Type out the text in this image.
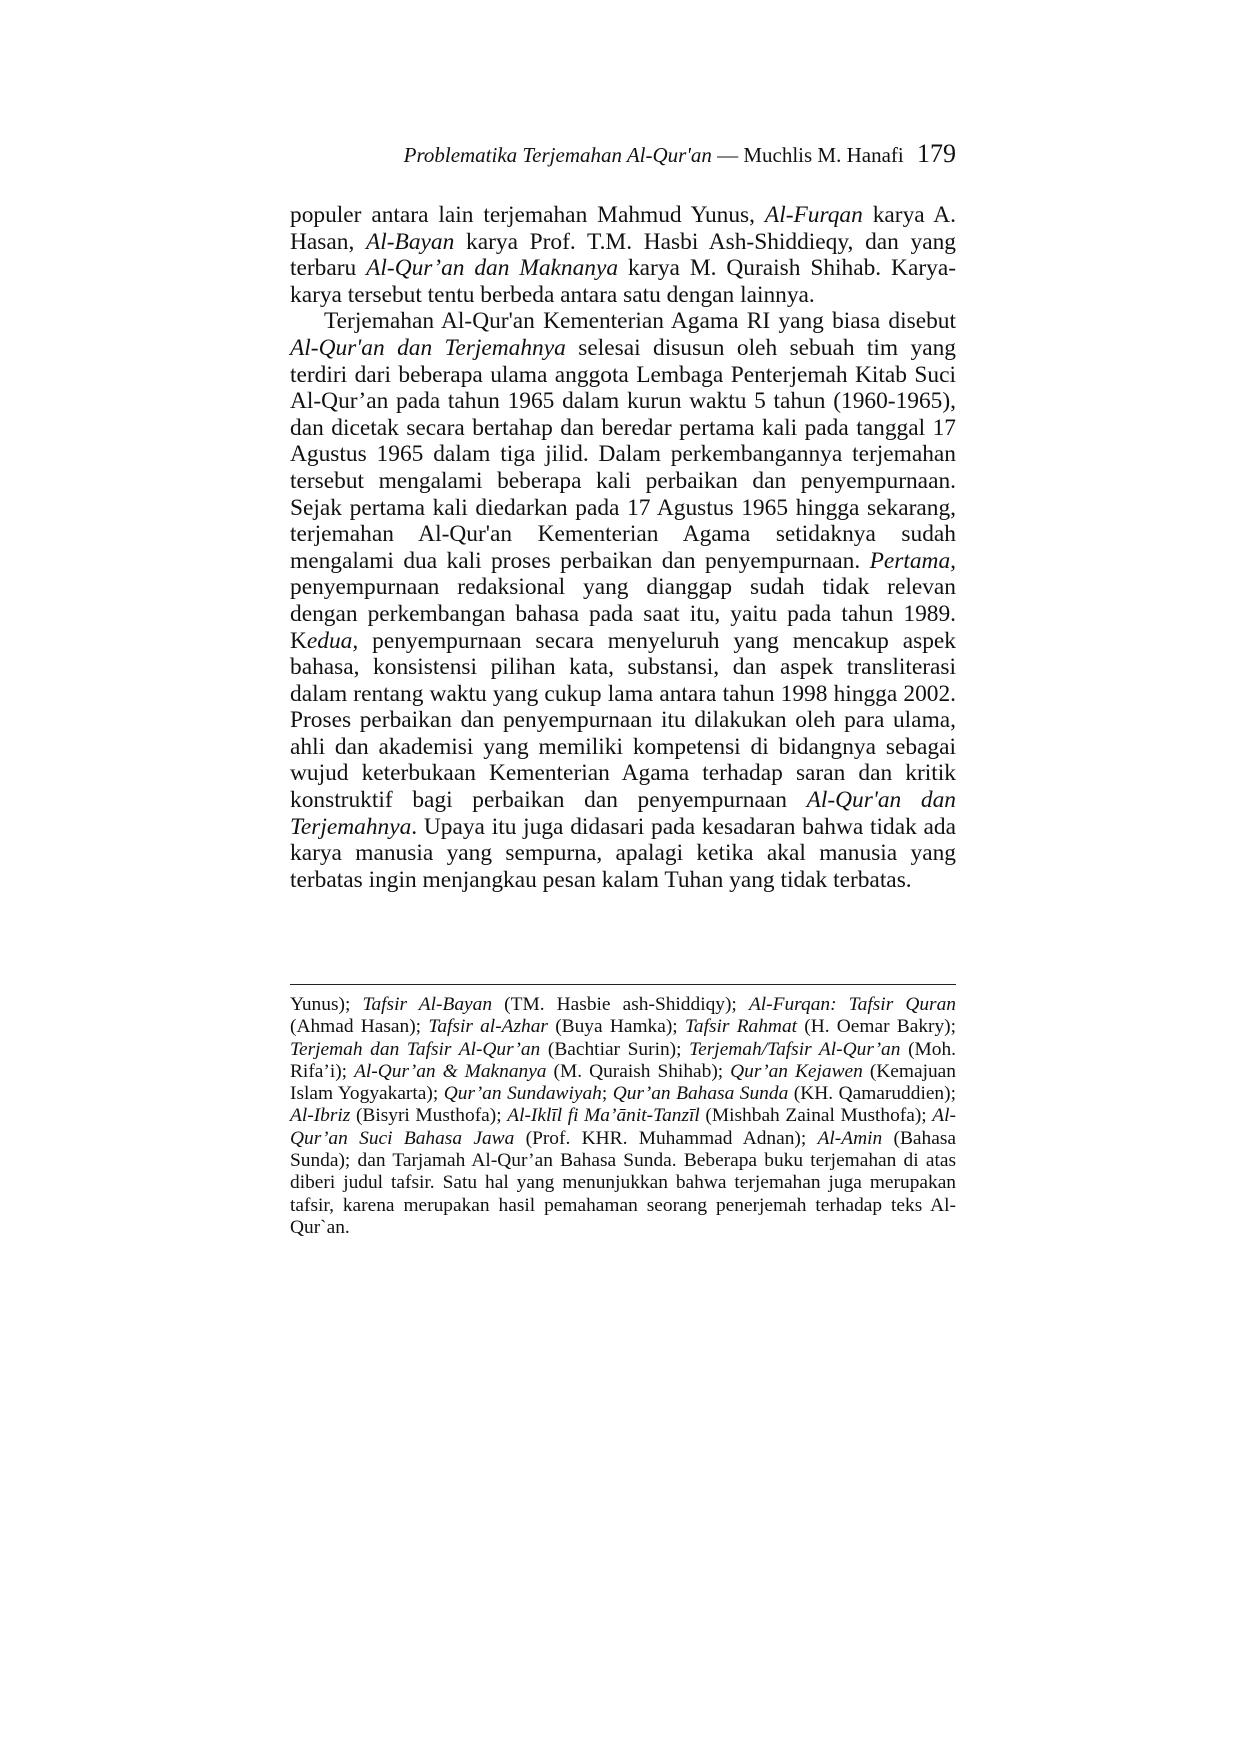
Problematika Terjemahan Al-Qur'an — Muchlis M. Hanafi 179

populer antara lain terjemahan Mahmud Yunus, Al-Furqan karya A. Hasan, Al-Bayan karya Prof. T.M. Hasbi Ash-Shiddieqy, dan yang terbaru Al-Qur’an dan Maknanya karya M. Quraish Shihab. Karya-karya tersebut tentu berbeda antara satu dengan lainnya.

Terjemahan Al-Qur'an Kementerian Agama RI yang biasa disebut Al-Qur'an dan Terjemahnya selesai disusun oleh sebuah tim yang terdiri dari beberapa ulama anggota Lembaga Penterjemah Kitab Suci Al-Qur’an pada tahun 1965 dalam kurun waktu 5 tahun (1960-1965), dan dicetak secara bertahap dan beredar pertama kali pada tanggal 17 Agustus 1965 dalam tiga jilid. Dalam perkembangannya terjemahan tersebut mengalami beberapa kali perbaikan dan penyempurnaan. Sejak pertama kali diedarkan pada 17 Agustus 1965 hingga sekarang, terjemahan Al-Qur'an Kementerian Agama setidaknya sudah mengalami dua kali proses perbaikan dan penyempurnaan. Pertama, penyempurnaan redaksional yang dianggap sudah tidak relevan dengan perkembangan bahasa pada saat itu, yaitu pada tahun 1989. Kedua, penyempurnaan secara menyeluruh yang mencakup aspek bahasa, konsistensi pilihan kata, substansi, dan aspek transliterasi dalam rentang waktu yang cukup lama antara tahun 1998 hingga 2002. Proses perbaikan dan penyempurnaan itu dilakukan oleh para ulama, ahli dan akademisi yang memiliki kompetensi di bidangnya sebagai wujud keterbukaan Kementerian Agama terhadap saran dan kritik konstruktif bagi perbaikan dan penyempurnaan Al-Qur'an dan Terjemahnya. Upaya itu juga didasari pada kesadaran bahwa tidak ada karya manusia yang sempurna, apalagi ketika akal manusia yang terbatas ingin menjangkau pesan kalam Tuhan yang tidak terbatas.

Yunus); Tafsir Al-Bayan (TM. Hasbie ash-Shiddiqy); Al-Furqan: Tafsir Quran (Ahmad Hasan); Tafsir al-Azhar (Buya Hamka); Tafsir Rahmat (H. Oemar Bakry); Terjemah dan Tafsir Al-Qur’an (Bachtiar Surin); Terjemah/Tafsir Al-Qur’an (Moh. Rifa’i); Al-Qur’an & Maknanya (M. Quraish Shihab); Qur’an Kejawen (Kemajuan Islam Yogyakarta); Qur’an Sundawiyah; Qur’an Bahasa Sunda (KH. Qamaruddien); Al-Ibriz (Bisyri Musthofa); Al-Iklīl fi Ma’ānit-Tanzīl (Mishbah Zainal Musthofa); Al-Qur’an Suci Bahasa Jawa (Prof. KHR. Muhammad Adnan); Al-Amin (Bahasa Sunda); dan Tarjamah Al-Qur’an Bahasa Sunda. Beberapa buku terjemahan di atas diberi judul tafsir. Satu hal yang menunjukkan bahwa terjemahan juga merupakan tafsir, karena merupakan hasil pemahaman seorang penerjemah terhadap teks Al-Qur`an.
